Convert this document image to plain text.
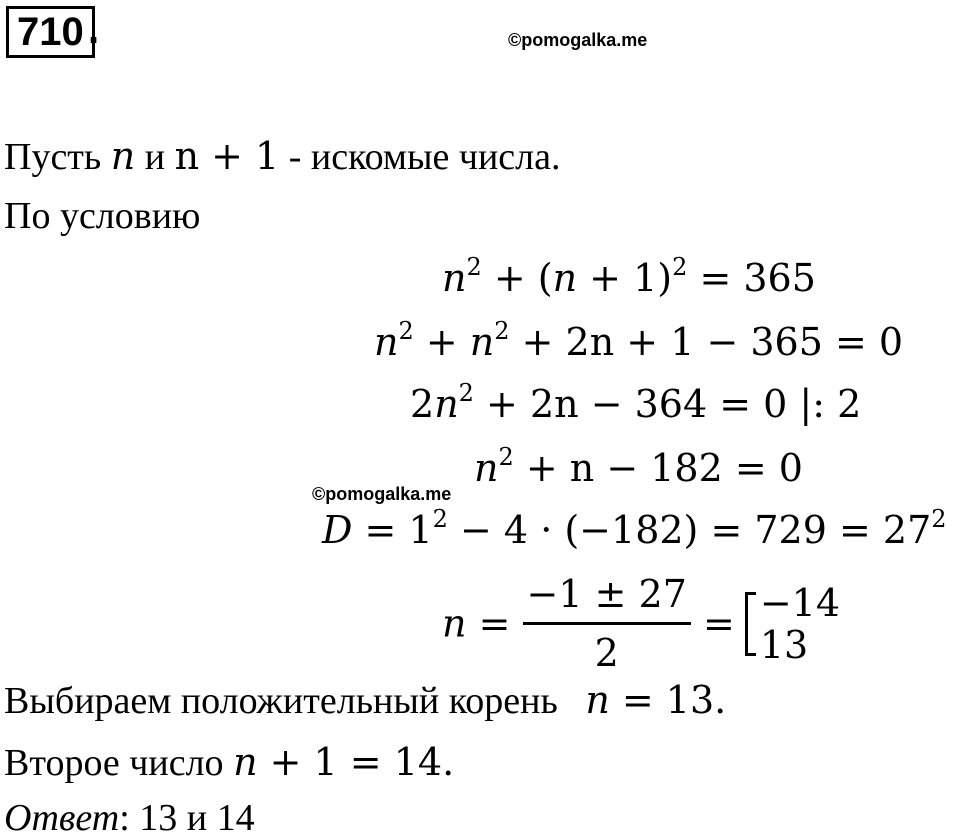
710 .	©pomogalka.me
Пусть n и n + 1 - искомые числа.
По условию
$n^2 + (n + 1)^2 = 365$
$n^2 + n^2 + 2n + 1 - 365 = 0$
$2n^2 + 2n - 364 = 0$ |: 2
$n^2 + n - 182 = 0$
©pomogalka.me
$D = 1^2 - 4 \cdot (-182) = 729 = 27^2$
$n = \frac{-1 \pm 27}{2} = -14$
13
Выбираем положительный корень n = 13.
Второе число n + 1 = 14.
Ответ: 13 и 14
